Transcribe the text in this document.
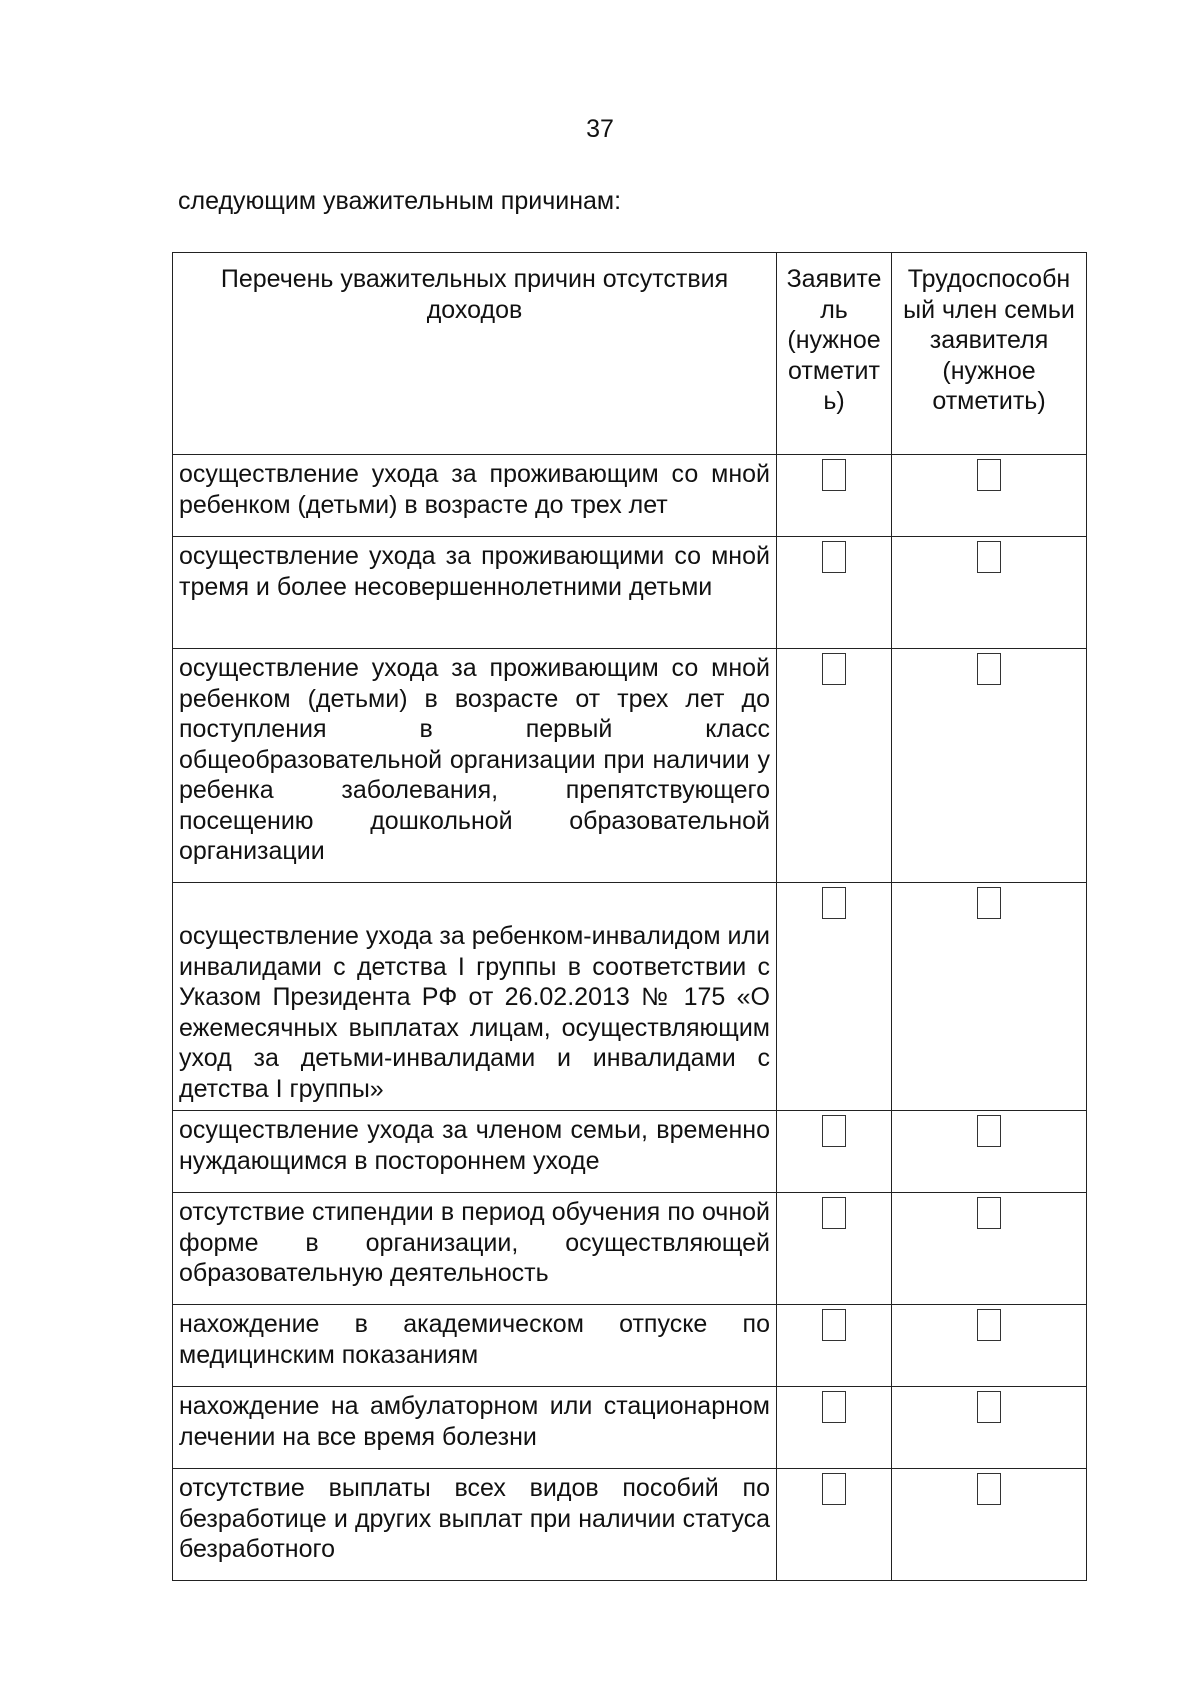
37
следующим уважительным причинам:
Перечень уважительных причин отсутствия доходов	Заявите ль (нужное отметит ь)	Трудоспособн ый член семьи заявителя (нужное отметить)
осуществление ухода за проживающим со мной ребенком (детьми) в возрасте до трех лет		
осуществление ухода за проживающими со мной тремя и более несовершеннолетними детьми		
осуществление ухода за проживающим со мной ребенком (детьми) в возрасте от трех лет до поступления в первый класс общеобразовательной организации при наличии у ребенка заболевания, препятствующего посещению дошкольной образовательной организации		
осуществление ухода за ребенком-инвалидом или инвалидами с детства I группы в соответствии с Указом Президента РФ от 26.02.2013 № 175 «О ежемесячных выплатах лицам, осуществляющим уход за детьми-инвалидами и инвалидами с детства I группы»		
осуществление ухода за членом семьи, временно нуждающимся в постороннем уходе		
отсутствие стипендии в период обучения по очной форме в организации, осуществляющей образовательную деятельность		
нахождение в академическом отпуске по медицинским показаниям		
нахождение на амбулаторном или стационарном лечении на все время болезни		
отсутствие выплаты всех видов пособий по безработице и других выплат при наличии статуса безработного		
